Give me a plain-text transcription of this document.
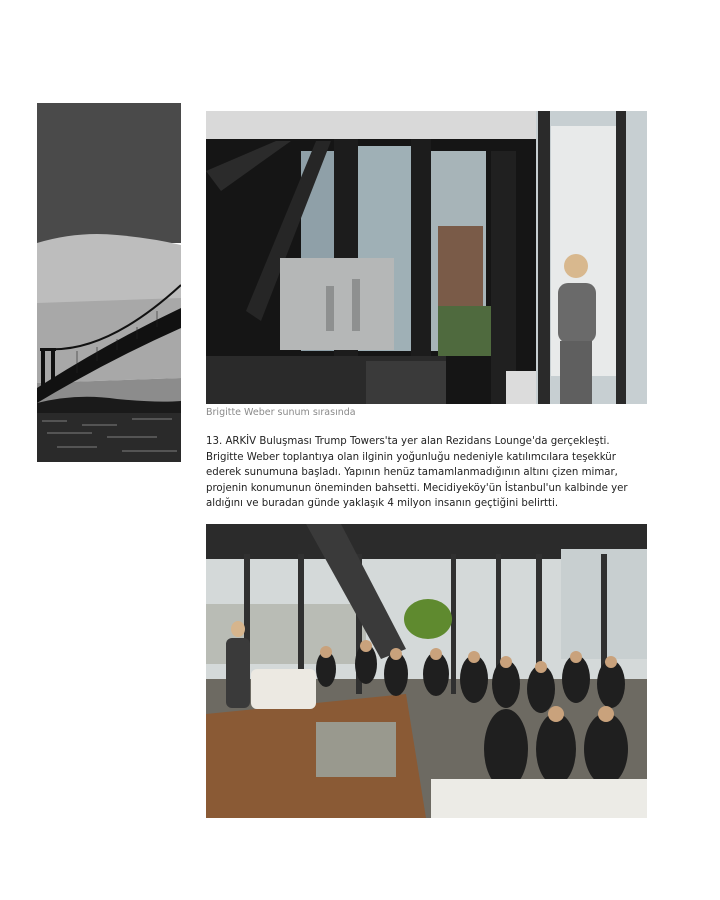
Brigitte Weber sunum sırasında

13. ARKİV Buluşması Trump Towers'ta yer alan Rezidans Lounge'da gerçekleşti.

Brigitte Weber toplantıya olan ilginin yoğunluğu nedeniyle katılımcılara teşekkür

ederek sunumuna başladı. Yapının henüz tamamlanmadığının altını çizen mimar,

projenin konumunun öneminden bahsetti. Mecidiyeköy'ün İstanbul'un kalbinde yer

aldığını ve buradan günde yaklaşık 4 milyon insanın geçtiğini belirtti.
